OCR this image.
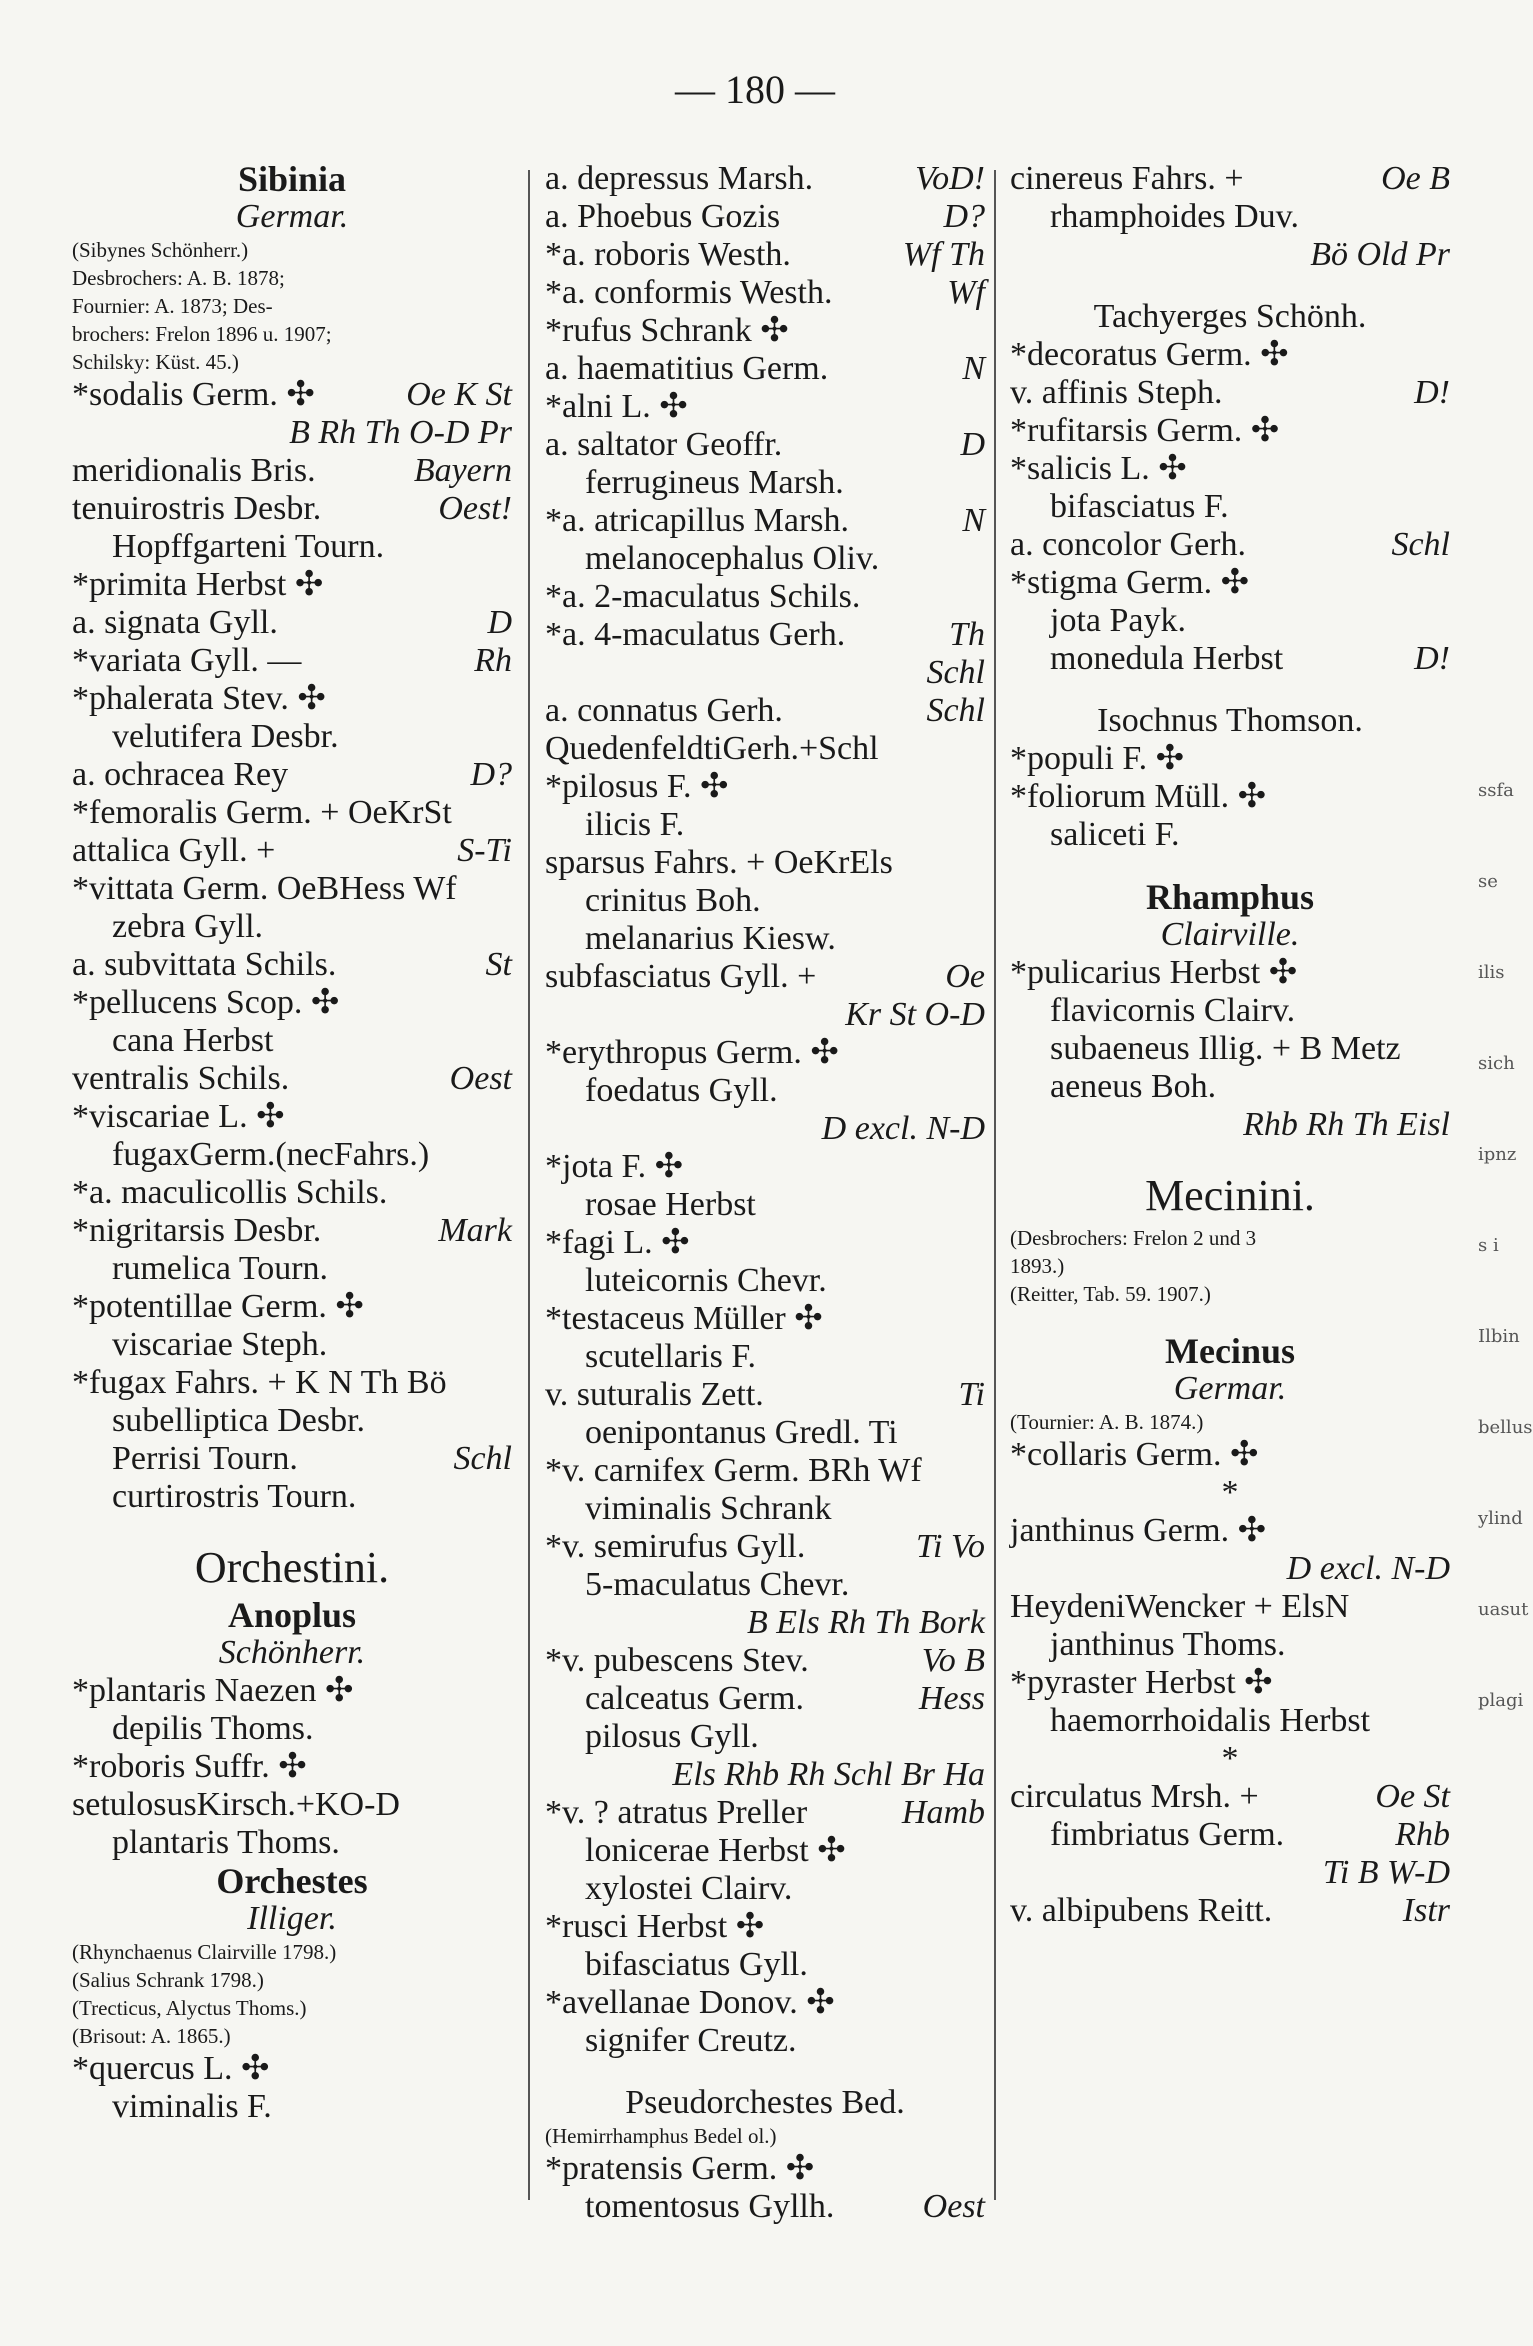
— 180 —
Sibinia
Germar.
(Sibynes Schönherr.)
Desbrochers: A. B. 1878;
Fournier: A. 1873; Des-
brochers: Frelon 1896 u. 1907;
Schilsky: Küst. 45.)
*sodalis Germ. ✣	Oe K St
B Rh Th O-D Pr
meridionalis Bris.	Bayern
tenuirostris Desbr.	Oest!
Hopffgarteni Tourn.
*primita Herbst ✣
a. signata Gyll.	D
*variata Gyll. —	Rh
*phalerata Stev. ✣
velutifera Desbr.
a. ochracea Rey	D?
*femoralis Germ. + OeKrSt
attalica Gyll. +	S-Ti
*vittata Germ. OeBHess Wf
zebra Gyll.
a. subvittata Schils.	St
*pellucens Scop. ✣
cana Herbst
ventralis Schils.	Oest
*viscariae L. ✣
fugaxGerm.(necFahrs.)
*a. maculicollis Schils.
*nigritarsis Desbr.	Mark
rumelica Tourn.
*potentillae Germ. ✣
viscariae Steph.
*fugax Fahrs. + K N Th Bö
subelliptica Desbr.
Perrisi Tourn.	Schl
curtirostris Tourn.
Orchestini.
Anoplus
Schönherr.
*plantaris Naezen ✣
depilis Thoms.
*roboris Suffr. ✣
setulosusKirsch.+KO-D
plantaris Thoms.
Orchestes
Illiger.
(Rhynchaenus Clairville 1798.)
(Salius Schrank 1798.)
(Trecticus, Alyctus Thoms.)
(Brisout: A. 1865.)
*quercus L. ✣
viminalis F.
a. depressus Marsh.	VoD!
a. Phoebus Gozis	D?
*a. roboris Westh.	Wf Th
*a. conformis Westh.	Wf
*rufus Schrank ✣
a. haematitius Germ.	N
*alni L. ✣
a. saltator Geoffr.	D
ferrugineus Marsh.
*a. atricapillus Marsh.	N
melanocephalus Oliv.
*a. 2-maculatus Schils.
*a. 4-maculatus Gerh.	Th
Schl
a. connatus Gerh.	Schl
QuedenfeldtiGerh.+Schl
*pilosus F. ✣
ilicis F.
sparsus Fahrs. + OeKrEls
crinitus Boh.
melanarius Kiesw.
subfasciatus Gyll. +	Oe
Kr St O-D
*erythropus Germ. ✣
foedatus Gyll.
D excl. N-D
*jota F. ✣
rosae Herbst
*fagi L. ✣
luteicornis Chevr.
*testaceus Müller ✣
scutellaris F.
v. suturalis Zett.	Ti
oenipontanus Gredl. Ti
*v. carnifex Germ. BRh Wf
viminalis Schrank
*v. semirufus Gyll.	Ti Vo
5-maculatus Chevr.
B Els Rh Th Bork
*v. pubescens Stev.	Vo B
calceatus Germ.	Hess
pilosus Gyll.
Els Rhb Rh Schl Br Ha
*v. ? atratus Preller	Hamb
lonicerae Herbst ✣
xylostei Clairv.
*rusci Herbst ✣
bifasciatus Gyll.
*avellanae Donov. ✣
signifer Creutz.
Pseudorchestes Bed.
(Hemirrhamphus Bedel ol.)
*pratensis Germ. ✣
tomentosus Gyllh.	Oest
cinereus Fahrs. +	Oe B
rhamphoides Duv.
Bö Old Pr
Tachyerges Schönh.
*decoratus Germ. ✣
v. affinis Steph.	D!
*rufitarsis Germ. ✣
*salicis L. ✣
bifasciatus F.
a. concolor Gerh.	Schl
*stigma Germ. ✣
jota Payk.
monedula Herbst	D!
Isochnus Thomson.
*populi F. ✣
*foliorum Müll. ✣
saliceti F.
Rhamphus
Clairville.
*pulicarius Herbst ✣
flavicornis Clairv.
subaeneus Illig. + B Metz
aeneus Boh.
Rhb Rh Th Eisl
Mecinini.
(Desbrochers: Frelon 2 und 3
1893.)
(Reitter, Tab. 59. 1907.)
Mecinus
Germar.
(Tournier: A. B. 1874.)
*collaris Germ. ✣
*
janthinus Germ. ✣
D excl. N-D
HeydeniWencker + ElsN
janthinus Thoms.
*pyraster Herbst ✣
haemorrhoidalis Herbst
*
circulatus Mrsh. +	Oe St
fimbriatus Germ.	Rhb
Ti B W-D
v. albipubens Reitt.	Istr
ssfa
se
ilis
sich
ipnz
s i
Ilbin
bellus
ylind
uasut
plagi
